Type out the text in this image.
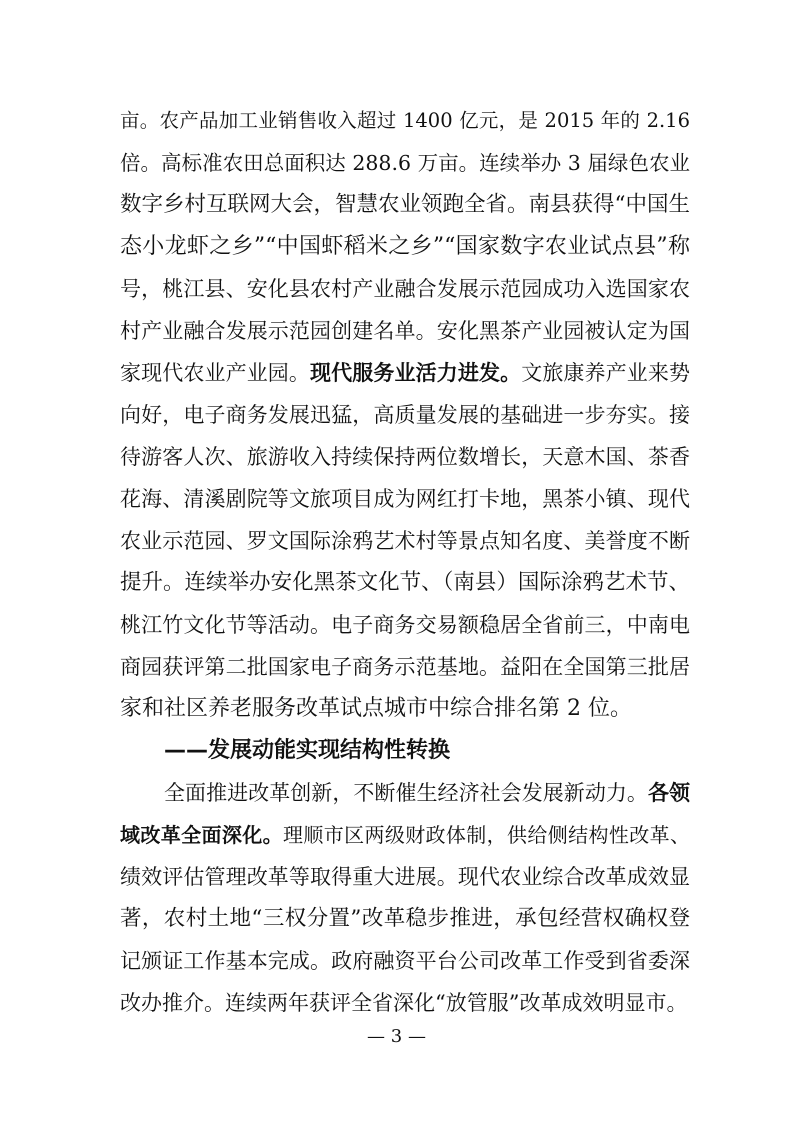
亩。农产品加工业销售收入超过 1400 亿元，是 2015 年的 2.16
倍。高标准农田总面积达 288.6 万亩。连续举办 3 届绿色农业
数字乡村互联网大会，智慧农业领跑全省。南县获得“中国生
态小龙虾之乡”“中国虾稻米之乡”“国家数字农业试点县”称
号，桃江县、安化县农村产业融合发展示范园成功入选国家农
村产业融合发展示范园创建名单。安化黑茶产业园被认定为国
家现代农业产业园。现代服务业活力进发。文旅康养产业来势
向好，电子商务发展迅猛，高质量发展的基础进一步夯实。接
待游客人次、旅游收入持续保持两位数增长，天意木国、茶香
花海、清溪剧院等文旅项目成为网红打卡地，黑茶小镇、现代
农业示范园、罗文国际涂鸦艺术村等景点知名度、美誉度不断
提升。连续举办安化黑茶文化节、（南县）国际涂鸦艺术节、
桃江竹文化节等活动。电子商务交易额稳居全省前三，中南电
商园获评第二批国家电子商务示范基地。益阳在全国第三批居
家和社区养老服务改革试点城市中综合排名第 2 位。
——发展动能实现结构性转换
全面推进改革创新，不断催生经济社会发展新动力。各领
域改革全面深化。理顺市区两级财政体制，供给侧结构性改革、
绩效评估管理改革等取得重大进展。现代农业综合改革成效显
著，农村土地“三权分置”改革稳步推进，承包经营权确权登
记颁证工作基本完成。政府融资平台公司改革工作受到省委深
改办推介。连续两年获评全省深化“放管服”改革成效明显市。
— 3 —
